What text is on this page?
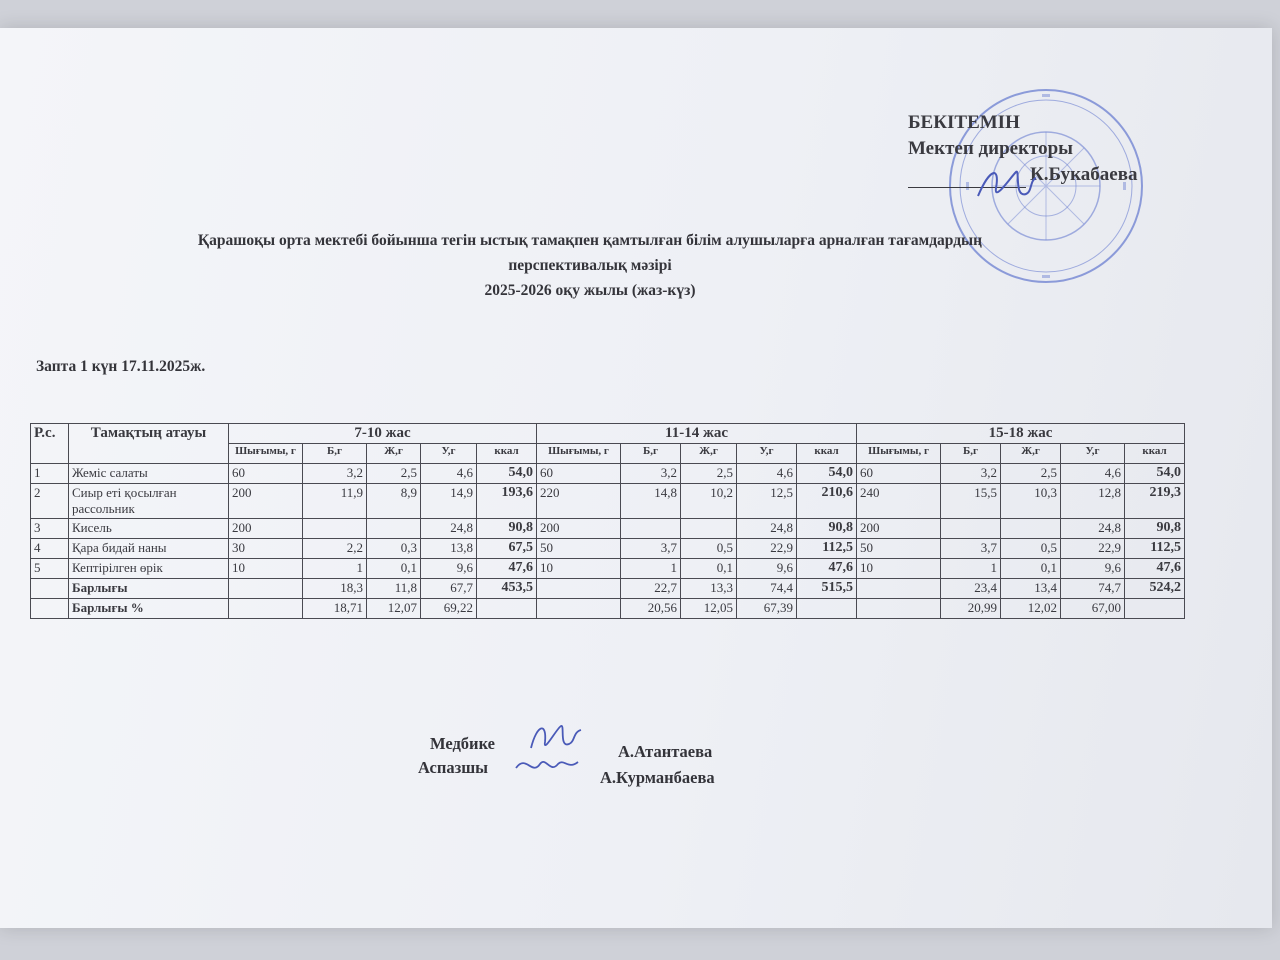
БЕКІТЕМІН
Мектеп директоры
К.Букабаева
Қарашоқы орта мектебі бойынша тегін ыстық тамақпен қамтылған білім алушыларға арналған тағамдардың
перспективалық мәзірі
2025-2026 оқу жылы (жаз-күз)
Запта 1 күн 17.11.2025ж.
Р.с.	Тамақтың атауы	7-10 жас					11-14 жас					15-18 жас				
		Шығымы, г	Б,г	Ж,г	У,г	ккал	Шығымы, г	Б,г	Ж,г	У,г	ккал	Шығымы, г	Б,г	Ж,г	У,г	ккал
1	Жеміс салаты	60	3,2	2,5	4,6	54,0	60	3,2	2,5	4,6	54,0	60	3,2	2,5	4,6	54,0
2	Сиыр еті қосылған рассольник	200	11,9	8,9	14,9	193,6	220	14,8	10,2	12,5	210,6	240	15,5	10,3	12,8	219,3
3	Кисель	200			24,8	90,8	200			24,8	90,8	200			24,8	90,8
4	Қара бидай наны	30	2,2	0,3	13,8	67,5	50	3,7	0,5	22,9	112,5	50	3,7	0,5	22,9	112,5
5	Кептірілген өрік	10	1	0,1	9,6	47,6	10	1	0,1	9,6	47,6	10	1	0,1	9,6	47,6
	Барлығы		18,3	11,8	67,7	453,5		22,7	13,3	74,4	515,5		23,4	13,4	74,7	524,2
	Барлығы %		18,71	12,07	69,22			20,56	12,05	67,39			20,99	12,02	67,00	
Медбике	А.Атантаева
Аспазшы
А.Курманбаева
